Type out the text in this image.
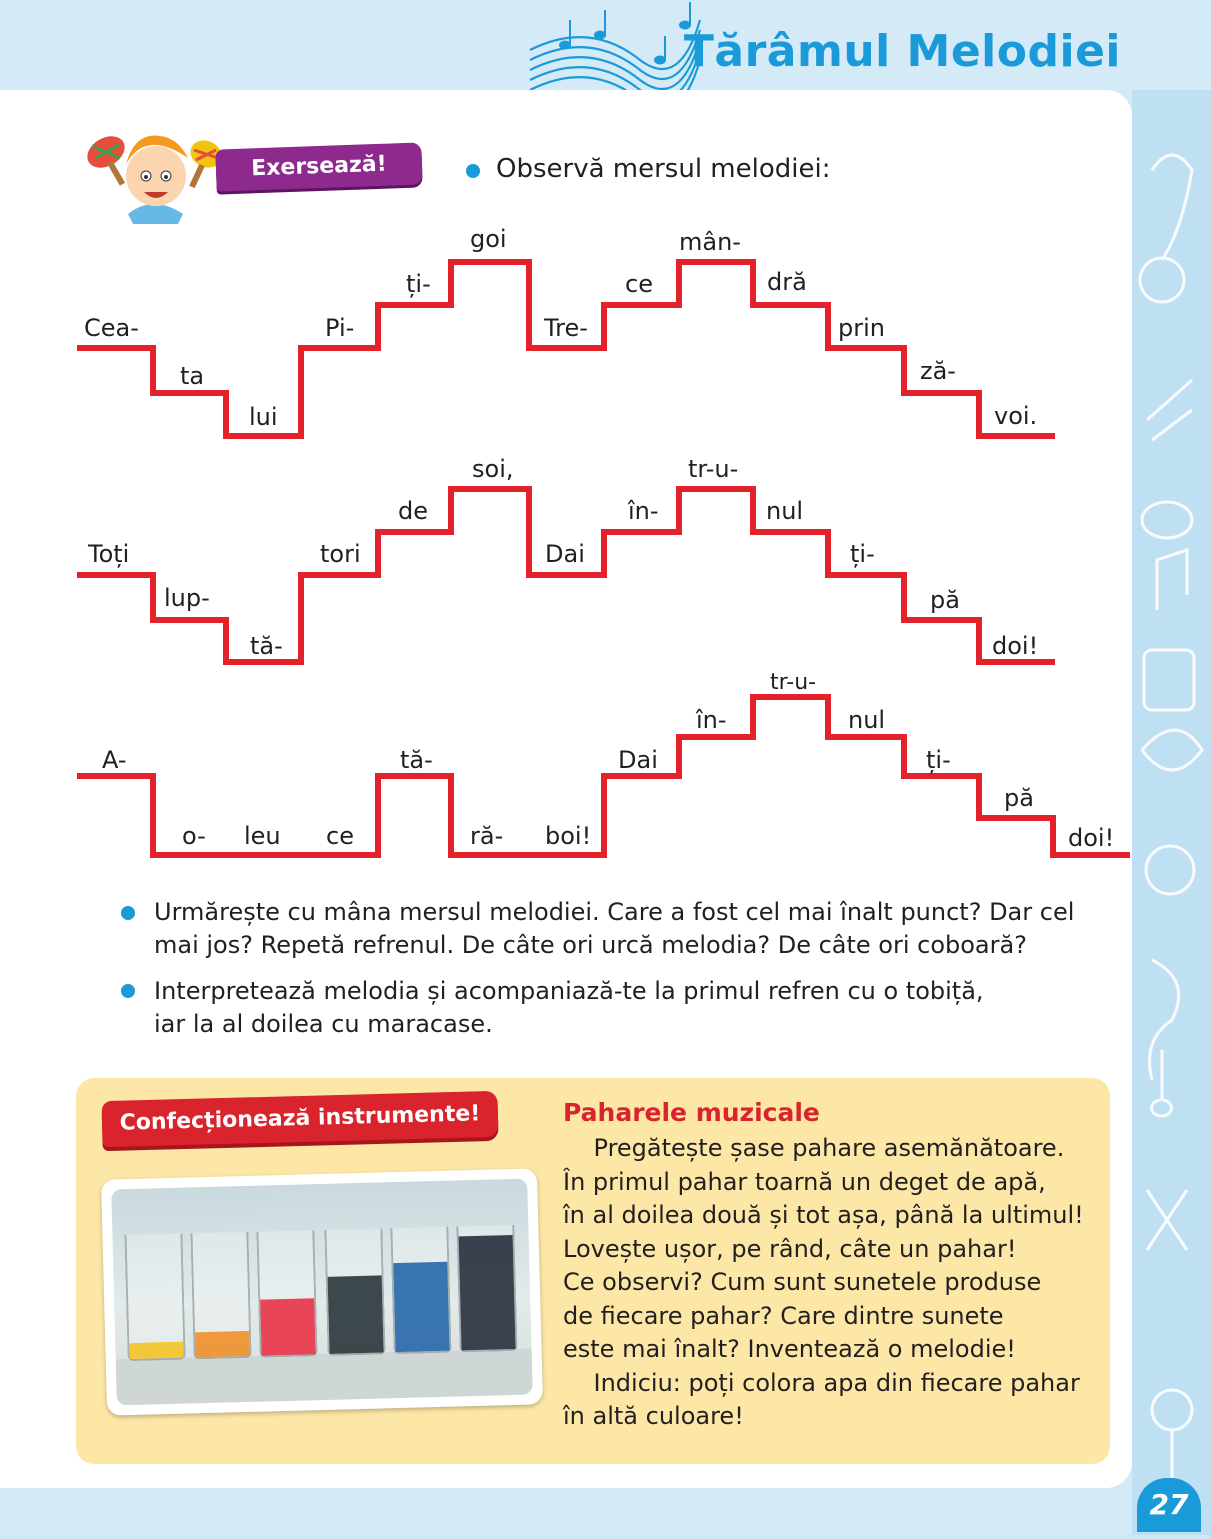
Tărâmul Melodiei
Exersează!	Observă mersul melodiei:
Cea-
ta
lui
Pi-
ți-
goi
Tre-
ce
mân-
dră
prin
ză-
voi.
Toți
lup-
tă-
tori
de
soi,
Dai
în-
tr-u-
nul
ți-
pă
doi!
A-
o- leu ce
tă-
ră- boi!
Dai
în-
tr-u-
nul
ți-
pă
doi!
Urmărește cu mâna mersul melodiei. Care a fost cel mai înalt punct? Dar cel
mai jos? Repetă refrenul. De câte ori urcă melodia? De câte ori coboară?
Interpretează melodia și acompaniază-te la primul refren cu o tobiță,
iar la al doilea cu maracase.
Confecționează instrumente!	Paharele muzicale
Pregătește șase pahare asemănătoare.
În primul pahar toarnă un deget de apă,
în al doilea două și tot așa, până la ultimul!
Lovește ușor, pe rând, câte un pahar!
Ce observi? Cum sunt sunetele produse
de fiecare pahar? Care dintre sunete
este mai înalt? Inventează o melodie!
Indiciu: poți colora apa din fiecare pahar
în altă culoare!
27
